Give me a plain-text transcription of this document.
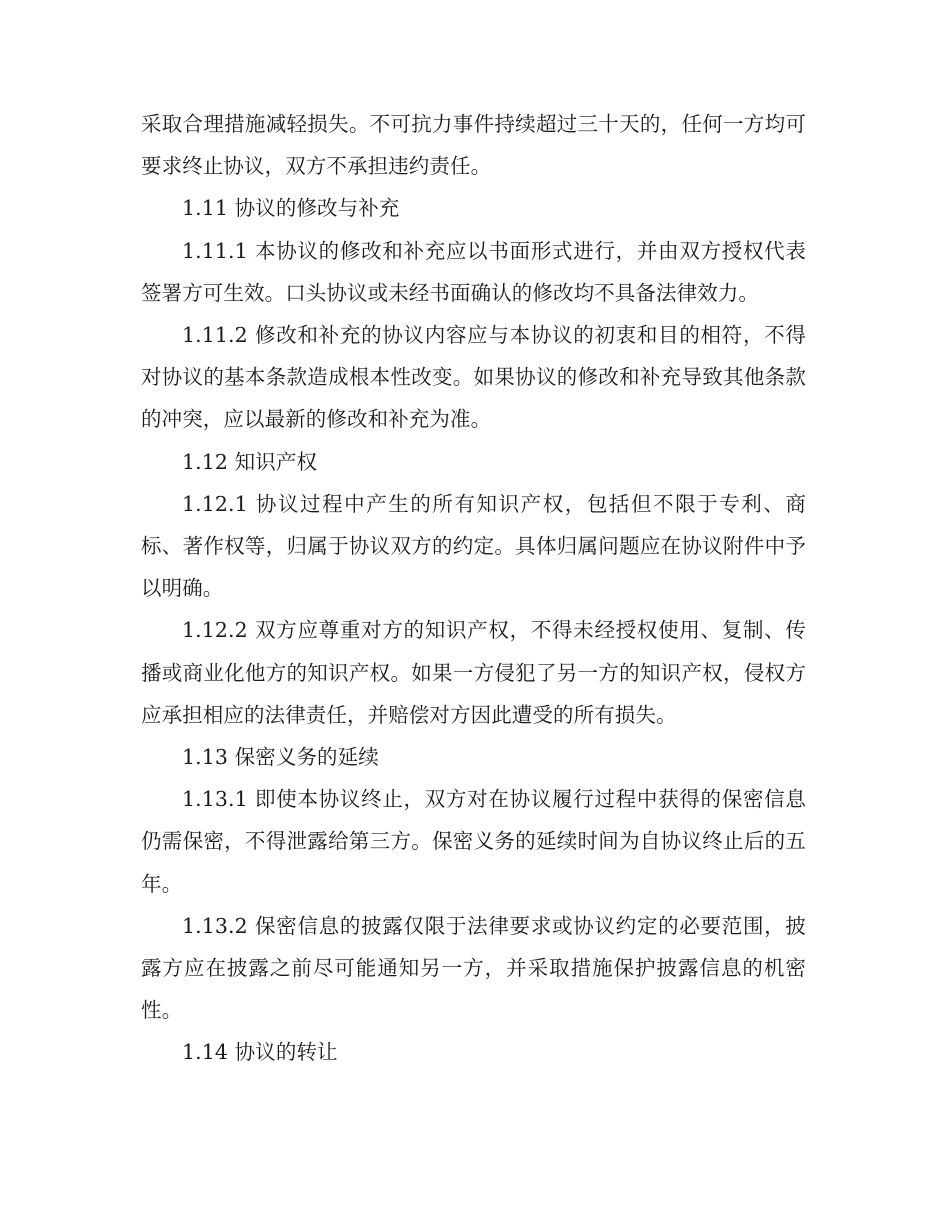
采取合理措施减轻损失。不可抗力事件持续超过三十天的，任何一方均可要求终止协议，双方不承担违约责任。

1.11 协议的修改与补充

1.11.1 本协议的修改和补充应以书面形式进行，并由双方授权代表签署方可生效。口头协议或未经书面确认的修改均不具备法律效力。

1.11.2 修改和补充的协议内容应与本协议的初衷和目的相符，不得对协议的基本条款造成根本性改变。如果协议的修改和补充导致其他条款的冲突，应以最新的修改和补充为准。

1.12 知识产权

1.12.1 协议过程中产生的所有知识产权，包括但不限于专利、商标、著作权等，归属于协议双方的约定。具体归属问题应在协议附件中予以明确。

1.12.2 双方应尊重对方的知识产权，不得未经授权使用、复制、传播或商业化他方的知识产权。如果一方侵犯了另一方的知识产权，侵权方应承担相应的法律责任，并赔偿对方因此遭受的所有损失。

1.13 保密义务的延续

1.13.1 即使本协议终止，双方对在协议履行过程中获得的保密信息仍需保密，不得泄露给第三方。保密义务的延续时间为自协议终止后的五年。

1.13.2 保密信息的披露仅限于法律要求或协议约定的必要范围，披露方应在披露之前尽可能通知另一方，并采取措施保护披露信息的机密性。

1.14 协议的转让
